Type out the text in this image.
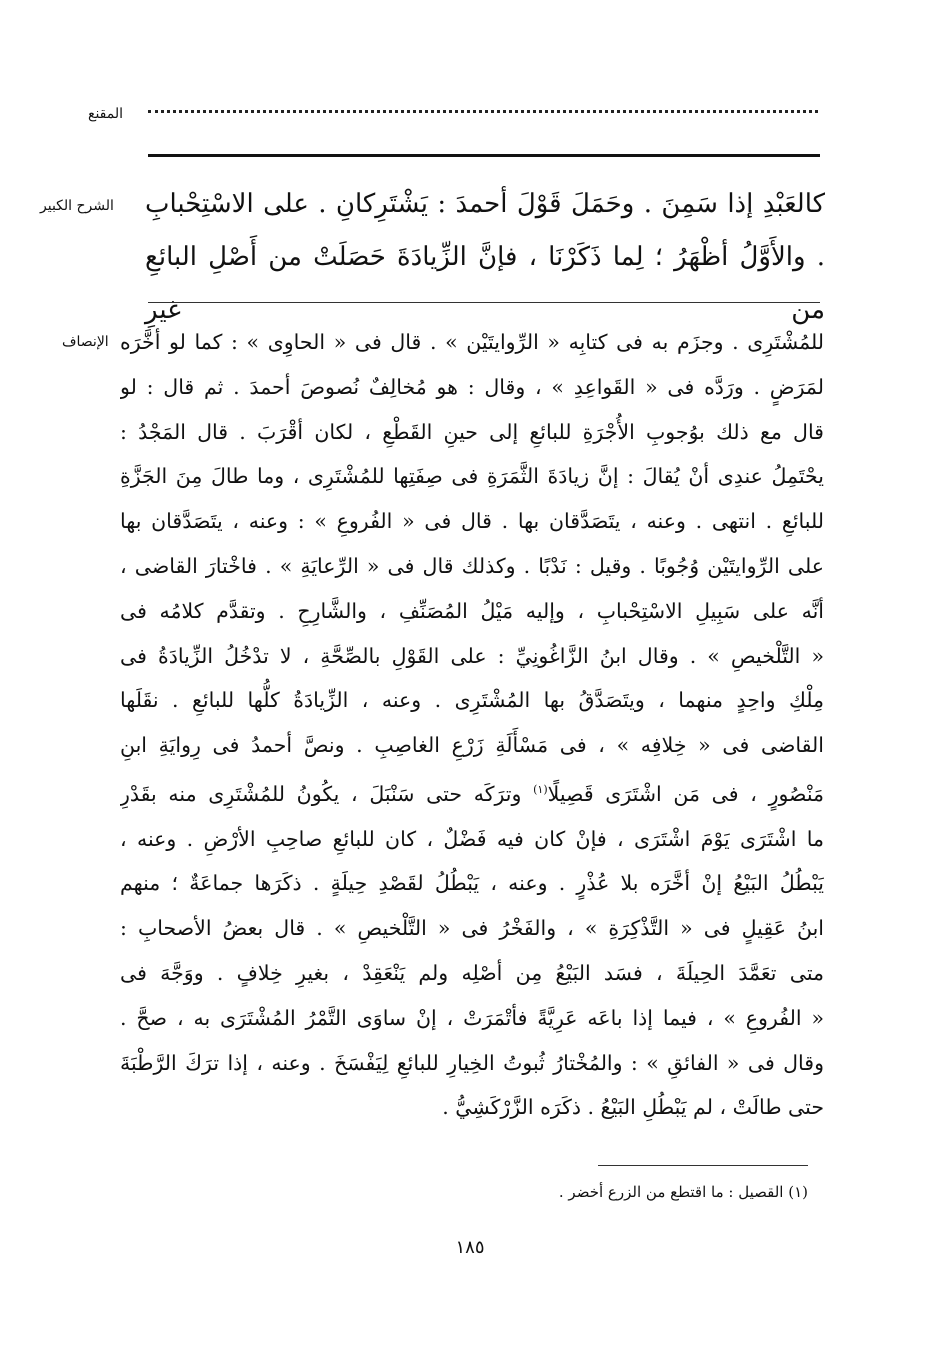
المقنع
الشرح الكبير
الإنصاف
كالعَبْدِ إذا سَمِنَ . وحَمَلَ قَوْلَ أحمدَ : يَشْتَرِكانِ . على الاسْتِحْبابِ . والأَوَّلُ أظْهَرُ ؛ لِما ذَكَرْنَا ، فإنَّ الزِّيادَةَ حَصَلَتْ من أَصْلِ البائعِ من غيرِ
للمُشْتَرِى . وجزَم به فى كتابِه « الرِّوايتَيْن » . قال فى « الحاوِى » : كما لو أخَّرَه
لمَرَضٍ . ورَدَّه فى « القَواعِدِ » ، وقال : هو مُخالِفٌ نُصوصَ أحمدَ . ثم قال : لو
قال مع ذلك بوُجوبِ الأُجْرَةِ للبائعِ إلى حينِ القَطْعِ ، لكان أقْرَبَ . قال المَجْدُ :
يحْتَمِلُ عندِى أنْ يُقالَ : إنَّ زيادَةَ الثَّمَرَةِ فى صِفَتِها للمُشْتَرِى ، وما طالَ مِنَ الجَزَّةِ
للبائعِ . انتهى . وعنه ، يتَصَدَّقان بها . قال فى « الفُروعِ » : وعنه ، يتَصَدَّقان بها
على الرِّوايتَيْن وُجُوبًا . وقيل : نَدْبًا . وكذلك قال فى « الرِّعايَةِ » . فاخْتارَ القاضى ،
أنَّه على سَبِيلِ الاسْتِحْبابِ ، وإليه مَيْلُ المُصَنِّفِ ، والشَّارِحِ . وتقدَّم كلامُه فى
« التَّلْخيصِ » . وقال ابنُ الزَّاغُونِيِّ : على القَوْلِ بالصِّحَّةِ ، لا تدْخُلُ الزِّيادَةُ فى
مِلْكِ واحِدٍ منهما ، ويتَصَدَّقُ بها المُشْتَرِى . وعنه ، الزِّيادَةُ كلُّها للبائعِ . نقَلَها
القاضى فى « خِلافِه » ، فى مَسْأَلَةِ زَرْعِ الغاصِبِ . ونصَّ أحمدُ فى رِوايَةِ ابنِ
مَنْصُورٍ ، فى مَن اشْتَرَى قَصِيلًا$^{(١)}$ وترَكَه حتى سَنْبَلَ ، يكُونُ للمُشْتَرِى منه بقَدْرِ
ما اشْتَرَى يَوْمَ اشْتَرَى ، فإنْ كان فيه فَضْلٌ ، كان للبائعِ صاحِبِ الأرْضِ . وعنه ،
يَبْطُلُ البَيْعُ إنْ أخَّرَه بلا عُذْرٍ . وعنه ، يَبْطُلُ لقَصْدِ حِيلَةٍ . ذكَرَها جماعَةٌ ؛ منهم
ابنُ عَقِيلٍ فى « التَّذْكِرَةِ » ، والفَخْرُ فى « التَّلْخيصِ » . قال بعضُ الأصحابِ :
متى تعَمَّدَ الحِيلَةَ ، فسَد البَيْعُ مِن أصْلِه ولم يَنْعَقِدْ ، بغيرِ خِلافٍ . ووَجَّهَ فى
« الفُروعِ » ، فيما إذا باعَه عَرِيَّةً فأتْمَرَتْ ، إنْ ساوَى التَّمْرُ المُشْتَرَى به ، صحَّ .
وقال فى « الفائقِ » : والمُخْتارُ ثُبوتُ الخِيارِ للبائعِ لِيَفْسَخَ . وعنه ، إذا ترَكَ الرَّطْبَةَ
حتى طالَتْ ، لم يَبْطُلِ البَيْعُ . ذكَرَه الزَّرْكَشِيُّ .
(١) القصيل : ما اقتطع من الزرع أخضر .
١٨٥
